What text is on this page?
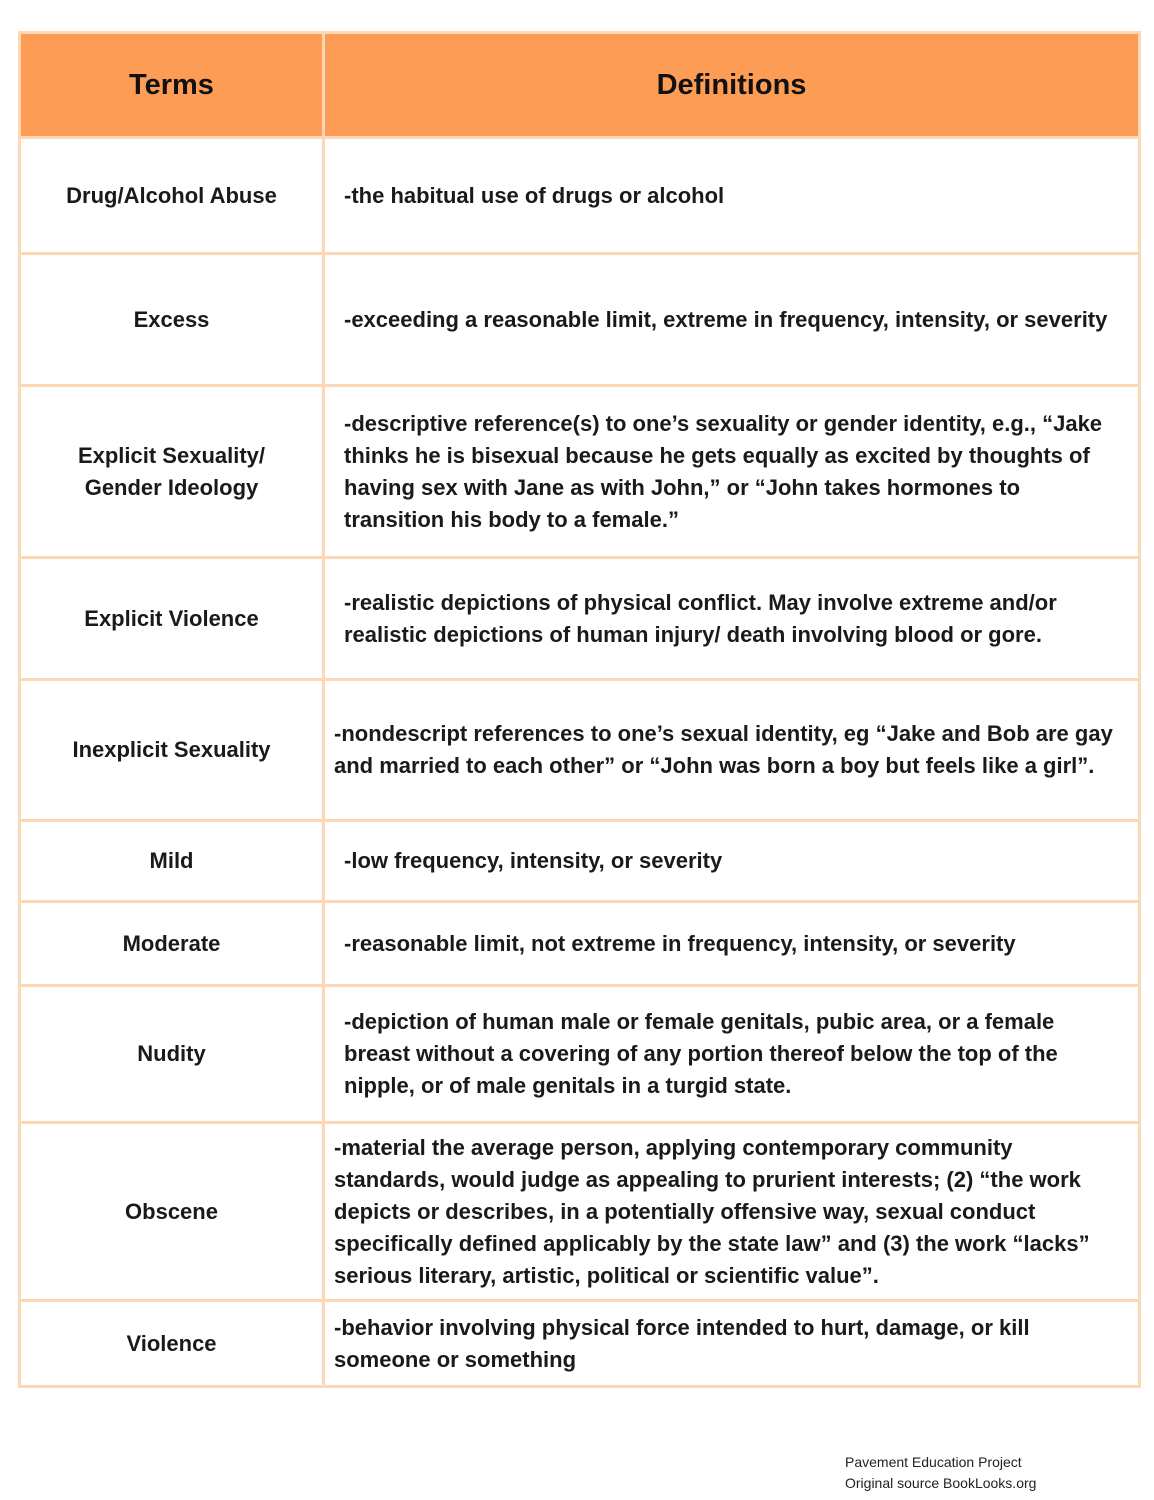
Terms	Definitions
Drug/Alcohol Abuse	-the habitual use of drugs or alcohol
Excess	-exceeding a reasonable limit, extreme in frequency, intensity, or severity
Explicit Sexuality/ Gender Ideology	-descriptive reference(s) to one’s sexuality or gender identity, e.g., “Jake thinks he is bisexual because he gets equally as excited by thoughts of having sex with Jane as with John,” or “John takes hormones to transition his body to a female.”
Explicit Violence	-realistic depictions of physical conflict. May involve extreme and/or realistic depictions of human injury/ death involving blood or gore.
Inexplicit Sexuality	-nondescript references to one’s sexual identity, eg “Jake and Bob are gay and married to each other” or “John was born a boy but feels like a girl”.
Mild	-low frequency, intensity, or severity
Moderate	-reasonable limit, not extreme in frequency, intensity, or severity
Nudity	-depiction of human male or female genitals, pubic area, or a female breast without a covering of any portion thereof below the top of the nipple, or of male genitals in a turgid state.
Obscene	-material the average person, applying contemporary community standards, would judge as appealing to prurient interests; (2) “the work depicts or describes, in a potentially offensive way, sexual conduct specifically defined applicably by the state law” and (3) the work “lacks” serious literary, artistic, political or scientific value”.
Violence	-behavior involving physical force intended to hurt, damage, or kill someone or something
Pavement Education Project
Original source BookLooks.org
